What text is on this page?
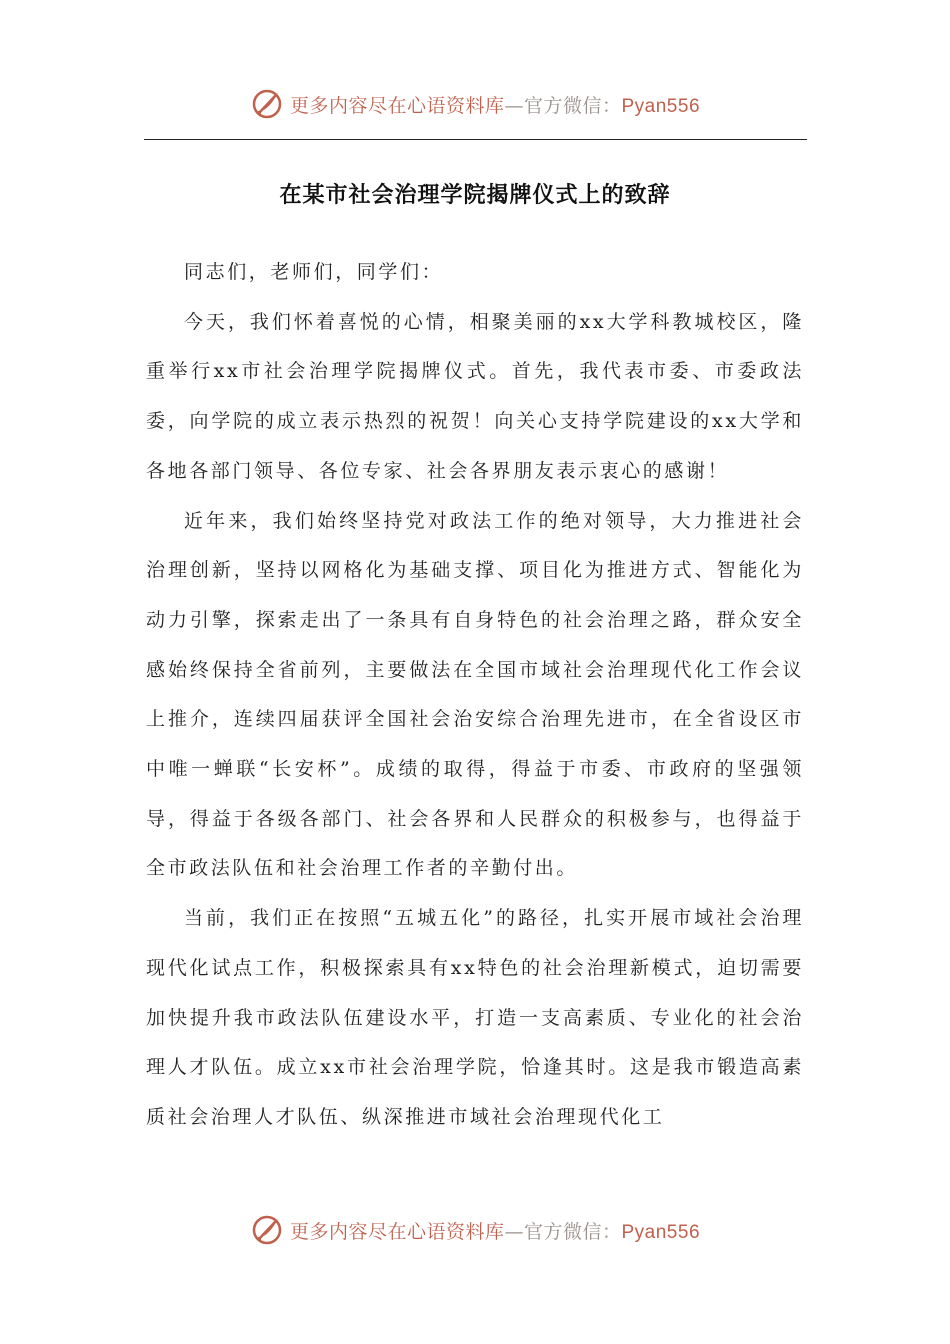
更多内容尽在心语资料库—官方微信：Pyan556
在某市社会治理学院揭牌仪式上的致辞

同志们，老师们，同学们：

今天，我们怀着喜悦的心情，相聚美丽的xx大学科教城校区，隆重举行xx市社会治理学院揭牌仪式。首先，我代表市委、市委政法委，向学院的成立表示热烈的祝贺！向关心支持学院建设的xx大学和各地各部门领导、各位专家、社会各界朋友表示衷心的感谢！

近年来，我们始终坚持党对政法工作的绝对领导，大力推进社会治理创新，坚持以网格化为基础支撑、项目化为推进方式、智能化为动力引擎，探索走出了一条具有自身特色的社会治理之路，群众安全感始终保持全省前列，主要做法在全国市域社会治理现代化工作会议上推介，连续四届获评全国社会治安综合治理先进市，在全省设区市中唯一蝉联“长安杯”。成绩的取得，得益于市委、市政府的坚强领导，得益于各级各部门、社会各界和人民群众的积极参与，也得益于全市政法队伍和社会治理工作者的辛勤付出。

当前，我们正在按照“五城五化”的路径，扎实开展市域社会治理现代化试点工作，积极探索具有xx特色的社会治理新模式，迫切需要加快提升我市政法队伍建设水平，打造一支高素质、专业化的社会治理人才队伍。成立xx市社会治理学院，恰逢其时。这是我市锻造高素质社会治理人才队伍、纵深推进市域社会治理现代化工

更多内容尽在心语资料库—官方微信：Pyan556
